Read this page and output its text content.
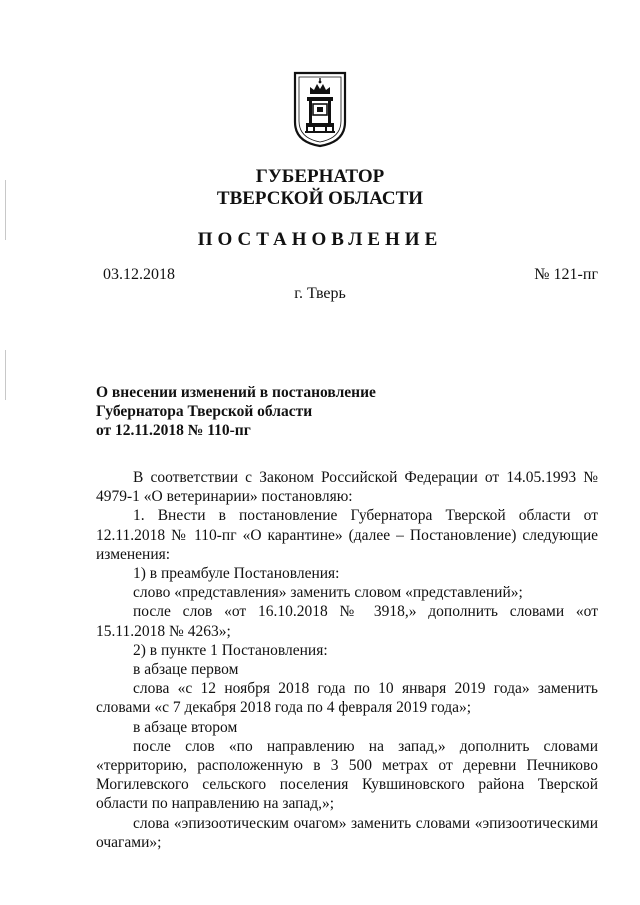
ГУБЕРНАТОР
ТВЕРСКОЙ ОБЛАСТИ
ПОСТАНОВЛЕНИЕ
03.12.2018	№ 121-пг
г. Тверь
О внесении изменений в постановление
Губернатора Тверской области
от 12.11.2018 № 110-пг
В соответствии с Законом Российской Федерации от 14.05.1993 № 4979-1 «О ветеринарии» постановляю:
1. Внести в постановление Губернатора Тверской области от 12.11.2018 № 110-пг «О карантине» (далее – Постановление) следующие изменения:
1) в преамбуле Постановления:
слово «представления» заменить словом «представлений»;
после слов «от 16.10.2018 № 3918,» дополнить словами «от 15.11.2018 № 4263»;
2) в пункте 1 Постановления:
в абзаце первом
слова «с 12 ноября 2018 года по 10 января 2019 года» заменить словами «с 7 декабря 2018 года по 4 февраля 2019 года»;
в абзаце втором
после слов «по направлению на запад,» дополнить словами «территорию, расположенную в 3 500 метрах от деревни Печниково Могилевского сельского поселения Кувшиновского района Тверской области по направлению на запад,»;
слова «эпизоотическим очагом» заменить словами «эпизоотическими очагами»;
